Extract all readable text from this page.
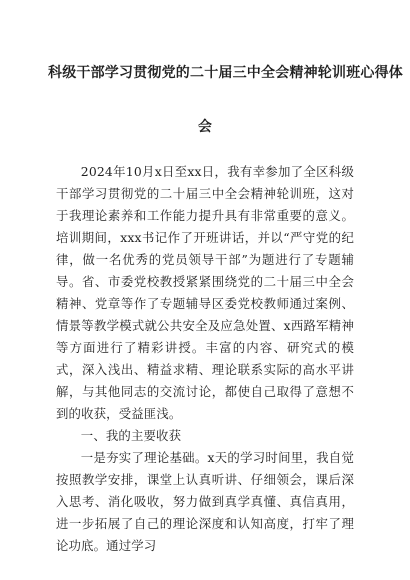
科级干部学习贯彻党的二十届三中全会精神轮训班心得体
会

2024年10月x日至xx日，我有幸参加了全区科级干部学习贯彻党的二十届三中全会精神轮训班，这对于我理论素养和工作能力提升具有非常重要的意义。培训期间，xxx书记作了开班讲话，并以“严守党的纪律，做一名优秀的党员领导干部”为题进行了专题辅导。省、市委党校教授紧紧围绕党的二十届三中全会精神、党章等作了专题辅导区委党校教师通过案例、情景等教学模式就公共安全及应急处置、x西路军精神等方面进行了精彩讲授。丰富的内容、研究式的模式，深入浅出、精益求精、理论联系实际的高水平讲解，与其他同志的交流讨论，都使自己取得了意想不到的收获，受益匪浅。

一、我的主要收获

一是夯实了理论基础。x天的学习时间里，我自觉按照教学安排，课堂上认真听讲、仔细领会，课后深入思考、消化吸收，努力做到真学真懂、真信真用，进一步拓展了自己的理论深度和认知高度，打牢了理论功底。通过学习
